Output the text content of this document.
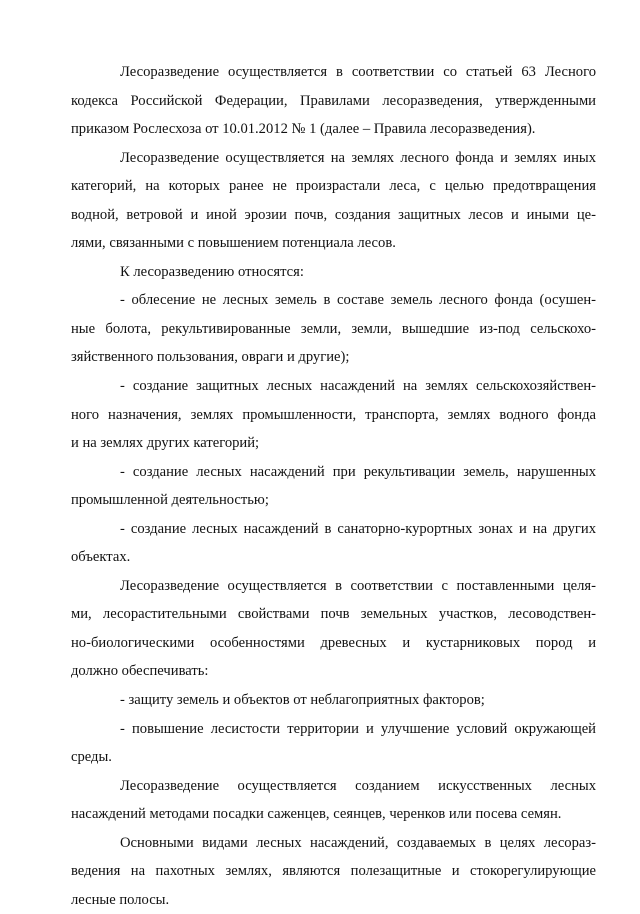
Лесоразведение осуществляется в соответствии со статьей 63 Лесного
кодекса Российской Федерации, Правилами лесоразведения, утвержденными
приказом Рослесхоза от 10.01.2012 № 1 (далее – Правила лесоразведения).
Лесоразведение осуществляется на землях лесного фонда и землях иных
категорий, на которых ранее не произрастали леса, с целью предотвращения
водной, ветровой и иной эрозии почв, создания защитных лесов и иными це-
лями, связанными с повышением потенциала лесов.
К лесоразведению относятся:
- облесение не лесных земель в составе земель лесного фонда (осушен-
ные болота, рекультивированные земли, земли, вышедшие из-под сельскохо-
зяйственного пользования, овраги и другие);
- создание защитных лесных насаждений на землях сельскохозяйствен-
ного назначения, землях промышленности, транспорта, землях водного фонда
и на землях других категорий;
- создание лесных насаждений при рекультивации земель, нарушенных
промышленной деятельностью;
- создание лесных насаждений в санаторно-курортных зонах и на других
объектах.
Лесоразведение осуществляется в соответствии с поставленными целя-
ми, лесорастительными свойствами почв земельных участков, лесоводствен-
но-биологическими особенностями древесных и кустарниковых пород и
должно обеспечивать:
- защиту земель и объектов от неблагоприятных факторов;
- повышение лесистости территории и улучшение условий окружающей
среды.
Лесоразведение осуществляется созданием искусственных лесных
насаждений методами посадки саженцев, сеянцев, черенков или посева семян.
Основными видами лесных насаждений, создаваемых в целях лесораз-
ведения на пахотных землях, являются полезащитные и стокорегулирующие
лесные полосы.
